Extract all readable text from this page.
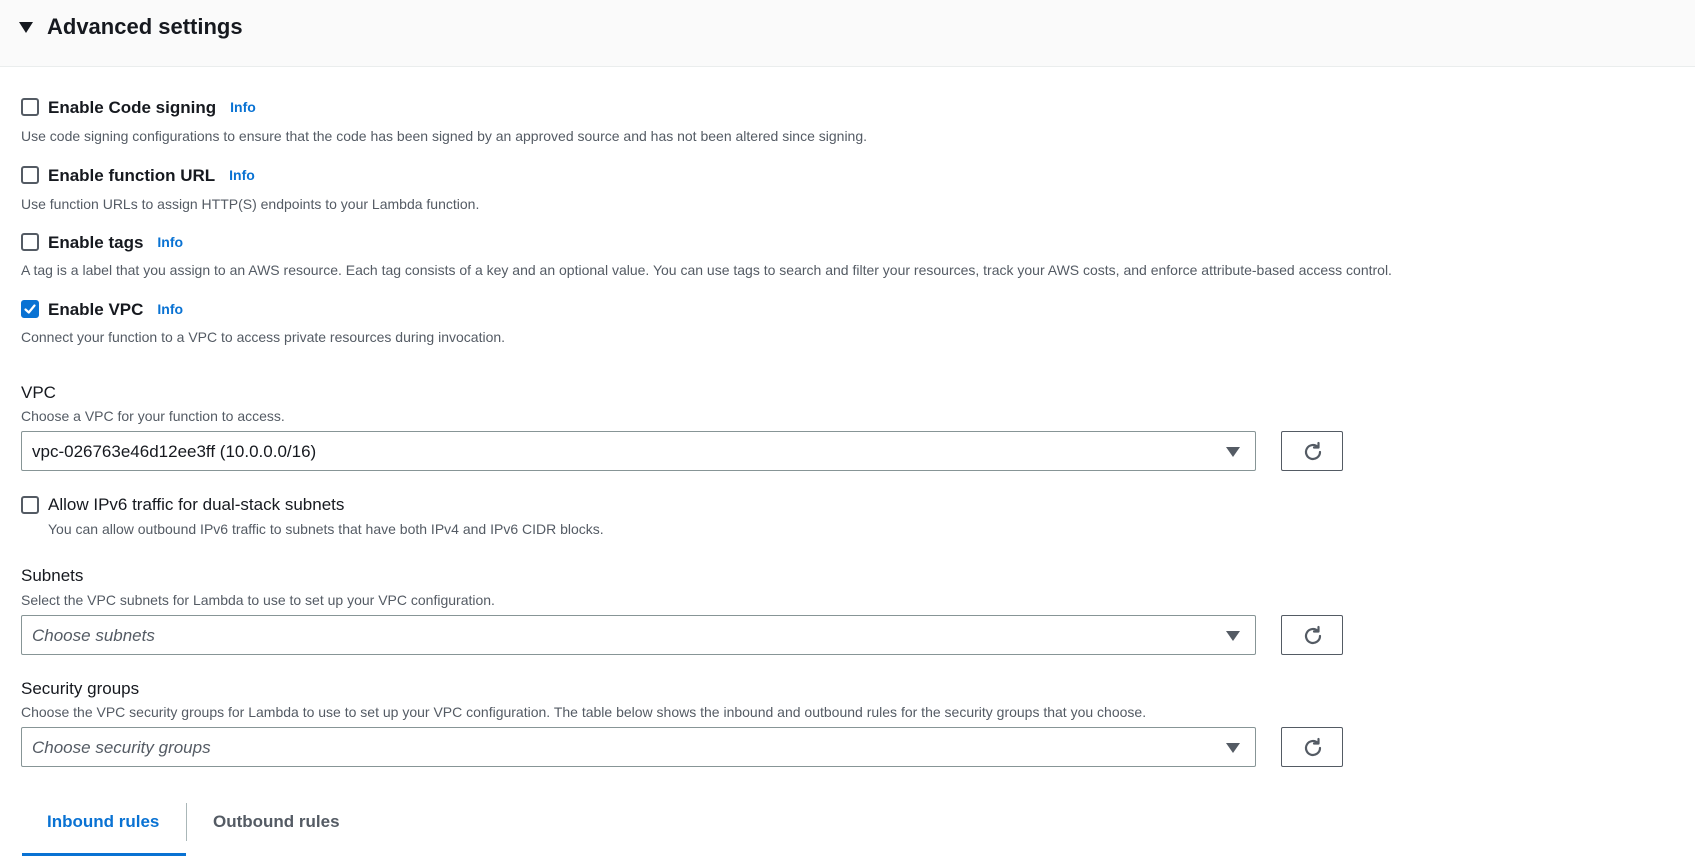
Advanced settings
Enable Code signing Info
Use code signing configurations to ensure that the code has been signed by an approved source and has not been altered since signing.
Enable function URL Info
Use function URLs to assign HTTP(S) endpoints to your Lambda function.
Enable tags Info
A tag is a label that you assign to an AWS resource. Each tag consists of a key and an optional value. You can use tags to search and filter your resources, track your AWS costs, and enforce attribute-based access control.
Enable VPC Info
Connect your function to a VPC to access private resources during invocation.
VPC
Choose a VPC for your function to access.
vpc-026763e46d12ee3ff (10.0.0.0/16)
Allow IPv6 traffic for dual-stack subnets
You can allow outbound IPv6 traffic to subnets that have both IPv4 and IPv6 CIDR blocks.
Subnets
Select the VPC subnets for Lambda to use to set up your VPC configuration.
Choose subnets
Security groups
Choose the VPC security groups for Lambda to use to set up your VPC configuration. The table below shows the inbound and outbound rules for the security groups that you choose.
Choose security groups
Inbound rules	Outbound rules
